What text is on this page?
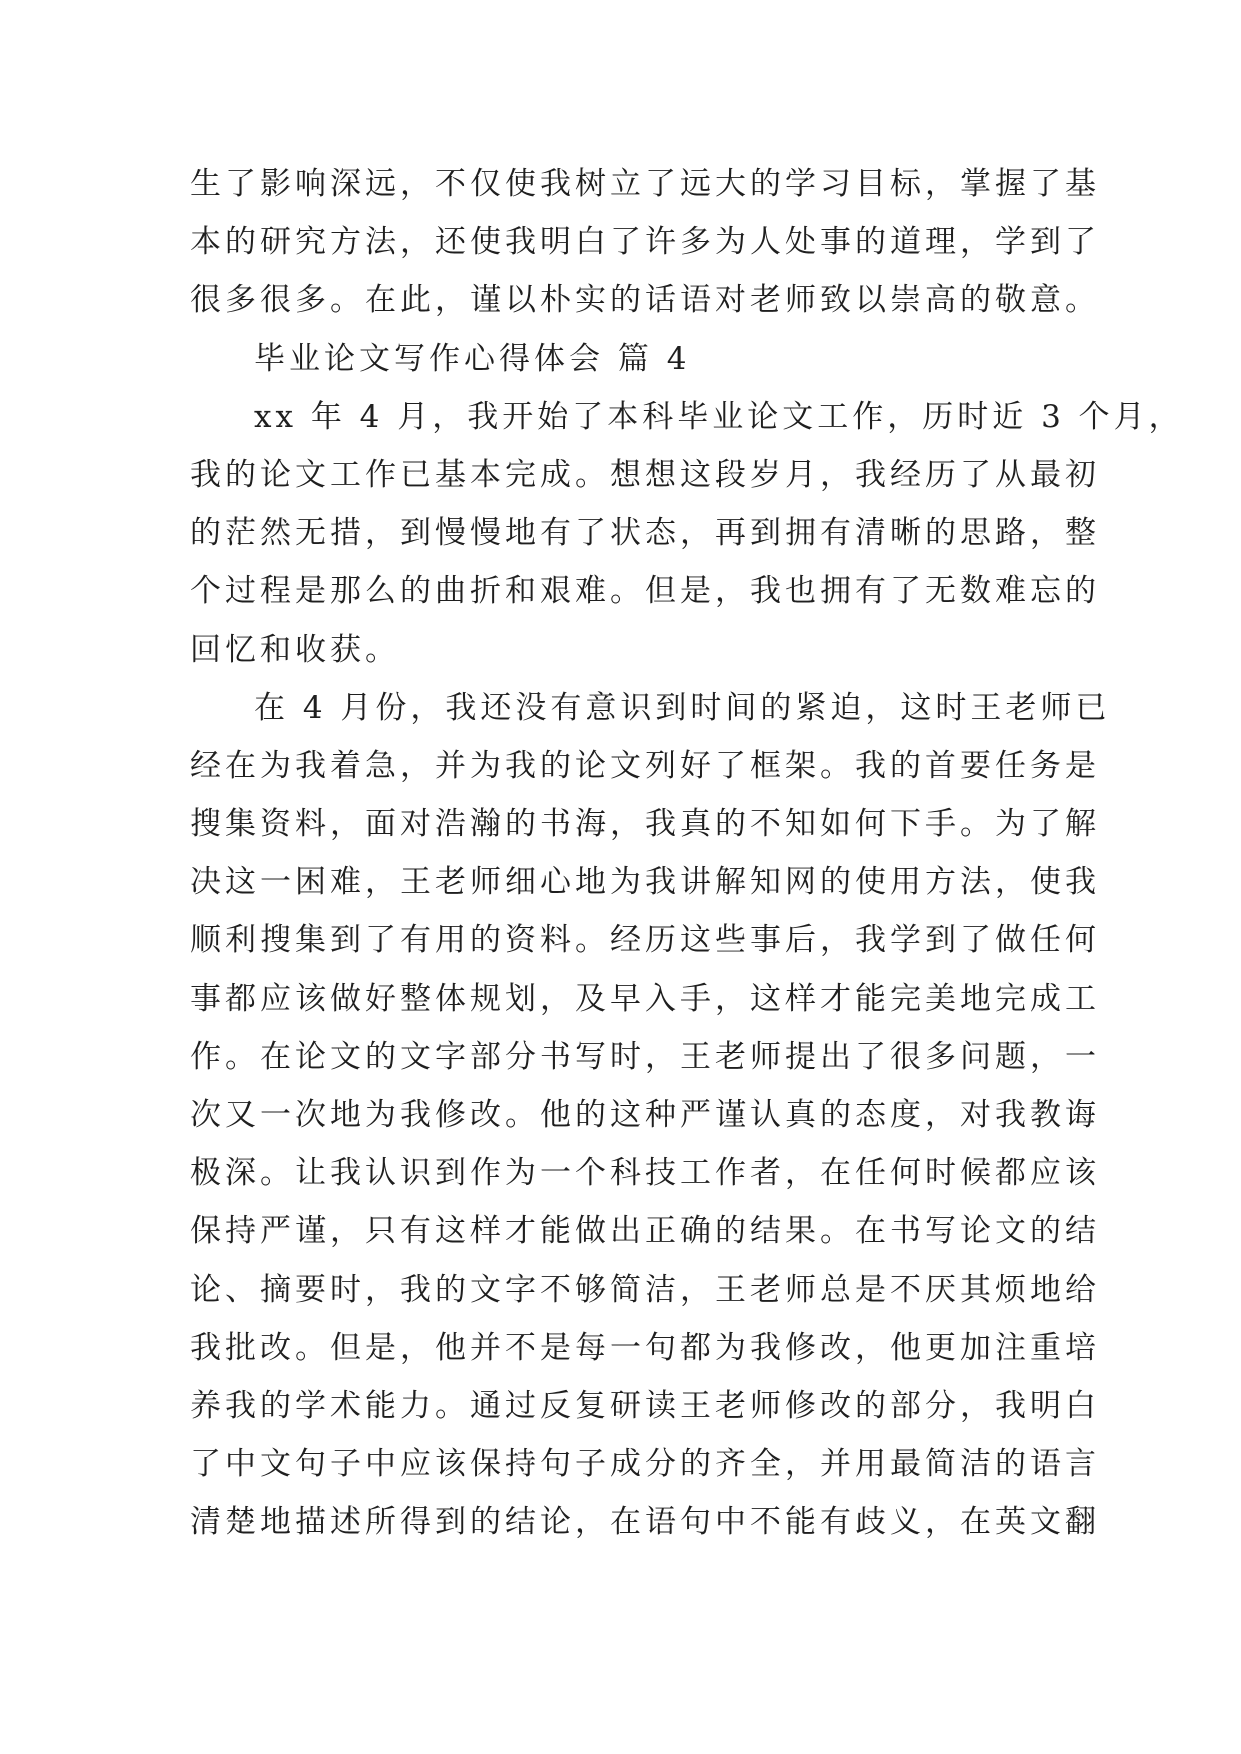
生了影响深远，不仅使我树立了远大的学习目标，掌握了基
本的研究方法，还使我明白了许多为人处事的道理，学到了
很多很多。在此，谨以朴实的话语对老师致以崇高的敬意。
毕业论文写作心得体会 篇 4
xx 年 4 月，我开始了本科毕业论文工作，历时近 3 个月，
我的论文工作已基本完成。想想这段岁月，我经历了从最初
的茫然无措，到慢慢地有了状态，再到拥有清晰的思路，整
个过程是那么的曲折和艰难。但是，我也拥有了无数难忘的
回忆和收获。
在 4 月份，我还没有意识到时间的紧迫，这时王老师已
经在为我着急，并为我的论文列好了框架。我的首要任务是
搜集资料，面对浩瀚的书海，我真的不知如何下手。为了解
决这一困难，王老师细心地为我讲解知网的使用方法，使我
顺利搜集到了有用的资料。经历这些事后，我学到了做任何
事都应该做好整体规划，及早入手，这样才能完美地完成工
作。在论文的文字部分书写时，王老师提出了很多问题，一
次又一次地为我修改。他的这种严谨认真的态度，对我教诲
极深。让我认识到作为一个科技工作者，在任何时候都应该
保持严谨，只有这样才能做出正确的结果。在书写论文的结
论、摘要时，我的文字不够简洁，王老师总是不厌其烦地给
我批改。但是，他并不是每一句都为我修改，他更加注重培
养我的学术能力。通过反复研读王老师修改的部分，我明白
了中文句子中应该保持句子成分的齐全，并用最简洁的语言
清楚地描述所得到的结论，在语句中不能有歧义，在英文翻
